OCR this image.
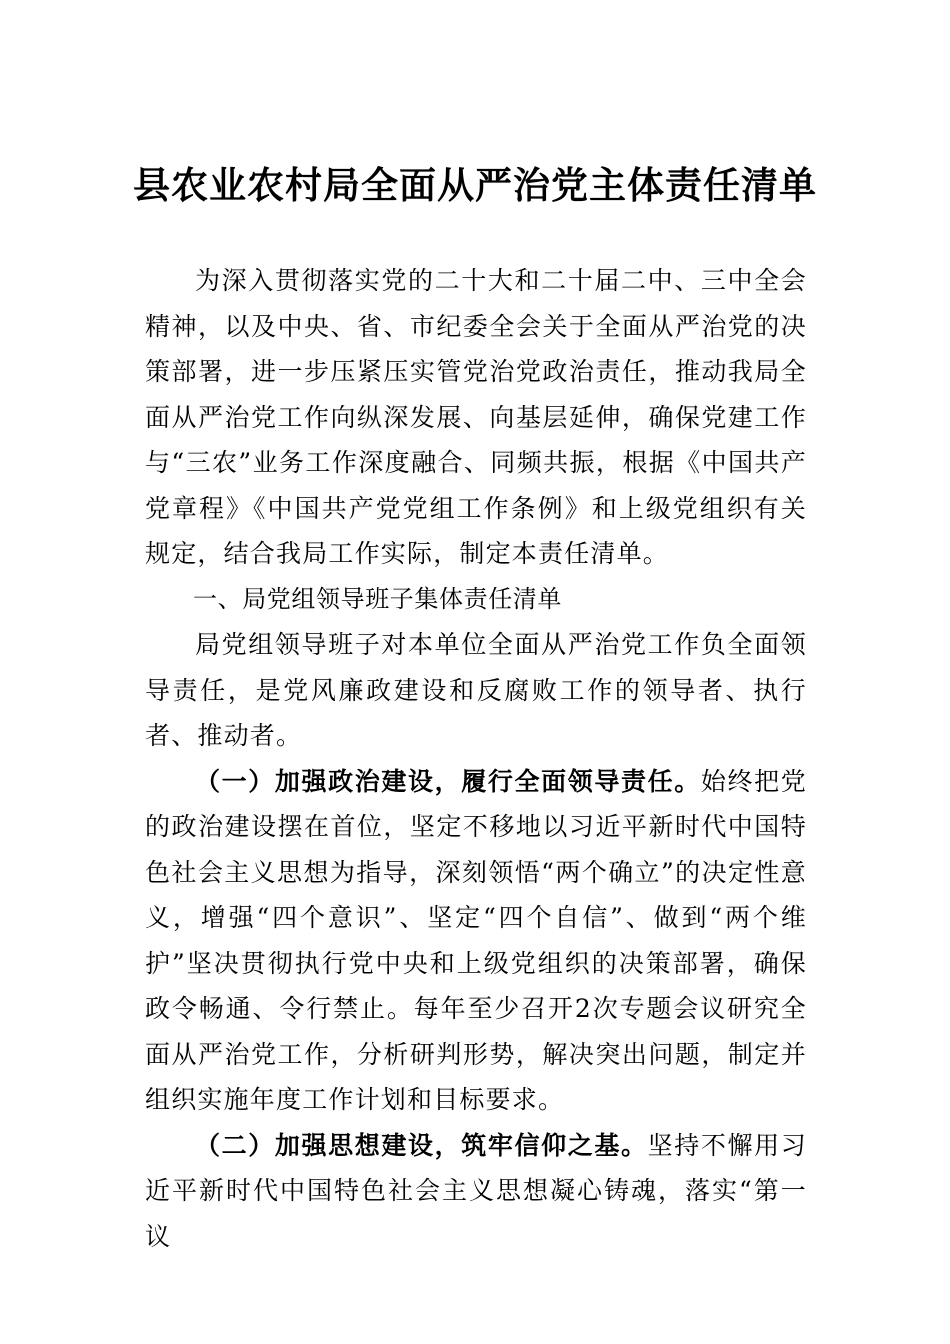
县农业农村局全面从严治党主体责任清单

为深入贯彻落实党的二十大和二十届二中、三中全会精神，以及中央、省、市纪委全会关于全面从严治党的决策部署，进一步压紧压实管党治党政治责任，推动我局全面从严治党工作向纵深发展、向基层延伸，确保党建工作与“三农”业务工作深度融合、同频共振，根据《中国共产党章程》《中国共产党党组工作条例》和上级党组织有关规定，结合我局工作实际，制定本责任清单。

一、局党组领导班子集体责任清单

局党组领导班子对本单位全面从严治党工作负全面领导责任，是党风廉政建设和反腐败工作的领导者、执行者、推动者。

（一）加强政治建设，履行全面领导责任。始终把党的政治建设摆在首位，坚定不移地以习近平新时代中国特色社会主义思想为指导，深刻领悟“两个确立”的决定性意义，增强“四个意识”、坚定“四个自信”、做到“两个维护”坚决贯彻执行党中央和上级党组织的决策部署，确保政令畅通、令行禁止。每年至少召开2次专题会议研究全面从严治党工作，分析研判形势，解决突出问题，制定并组织实施年度工作计划和目标要求。

（二）加强思想建设，筑牢信仰之基。坚持不懈用习近平新时代中国特色社会主义思想凝心铸魂，落实“第一议
